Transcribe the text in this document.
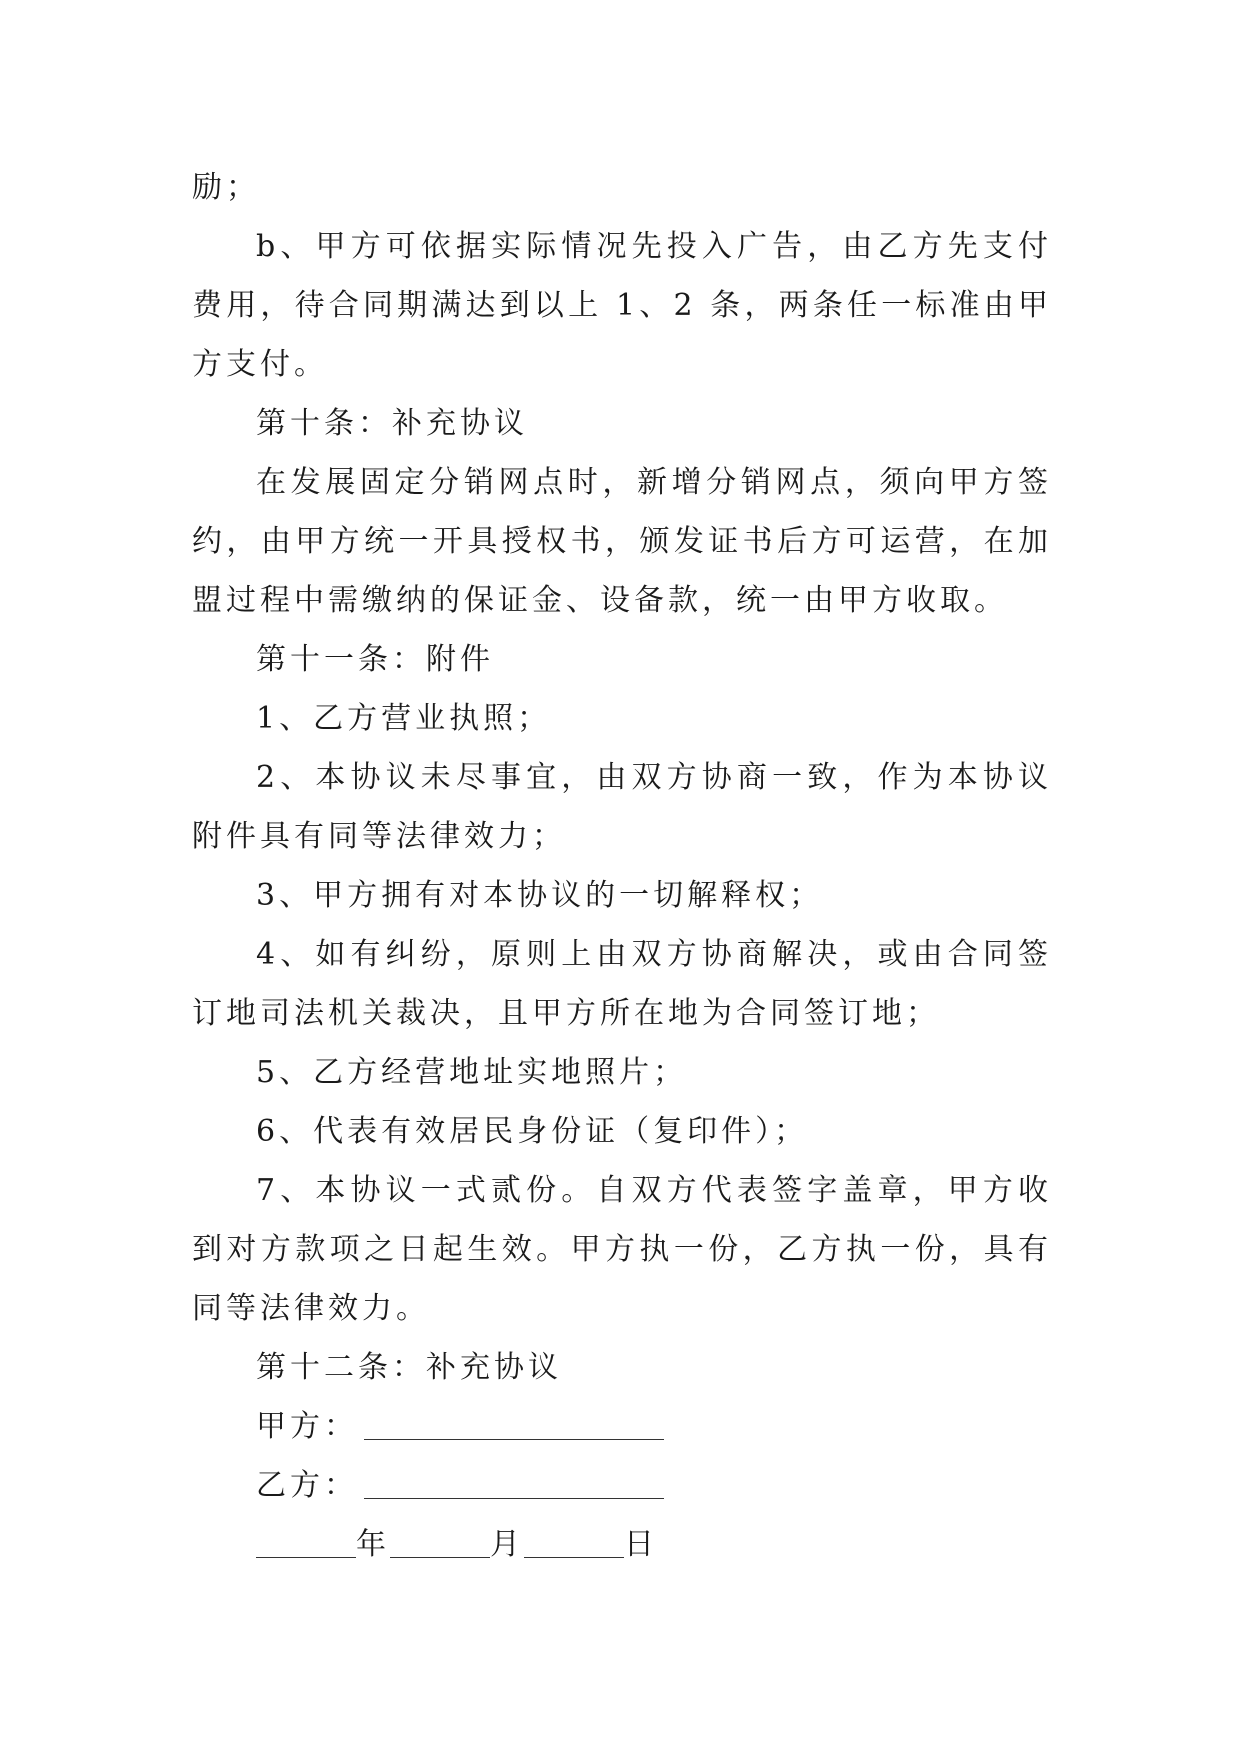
励；

b、甲方可依据实际情况先投入广告，由乙方先支付费用，待合同期满达到以上 1、2 条，两条任一标准由甲方支付。

第十条：补充协议

在发展固定分销网点时，新增分销网点，须向甲方签约，由甲方统一开具授权书，颁发证书后方可运营，在加盟过程中需缴纳的保证金、设备款，统一由甲方收取。

第十一条：附件

1、乙方营业执照；

2、本协议未尽事宜，由双方协商一致，作为本协议附件具有同等法律效力；

3、甲方拥有对本协议的一切解释权；

4、如有纠纷，原则上由双方协商解决，或由合同签订地司法机关裁决，且甲方所在地为合同签订地；

5、乙方经营地址实地照片；

6、代表有效居民身份证（复印件）；

7、本协议一式贰份。自双方代表签字盖章，甲方收到对方款项之日起生效。甲方执一份，乙方执一份，具有同等法律效力。

第十二条：补充协议

甲方：

乙方：

年	月	日
